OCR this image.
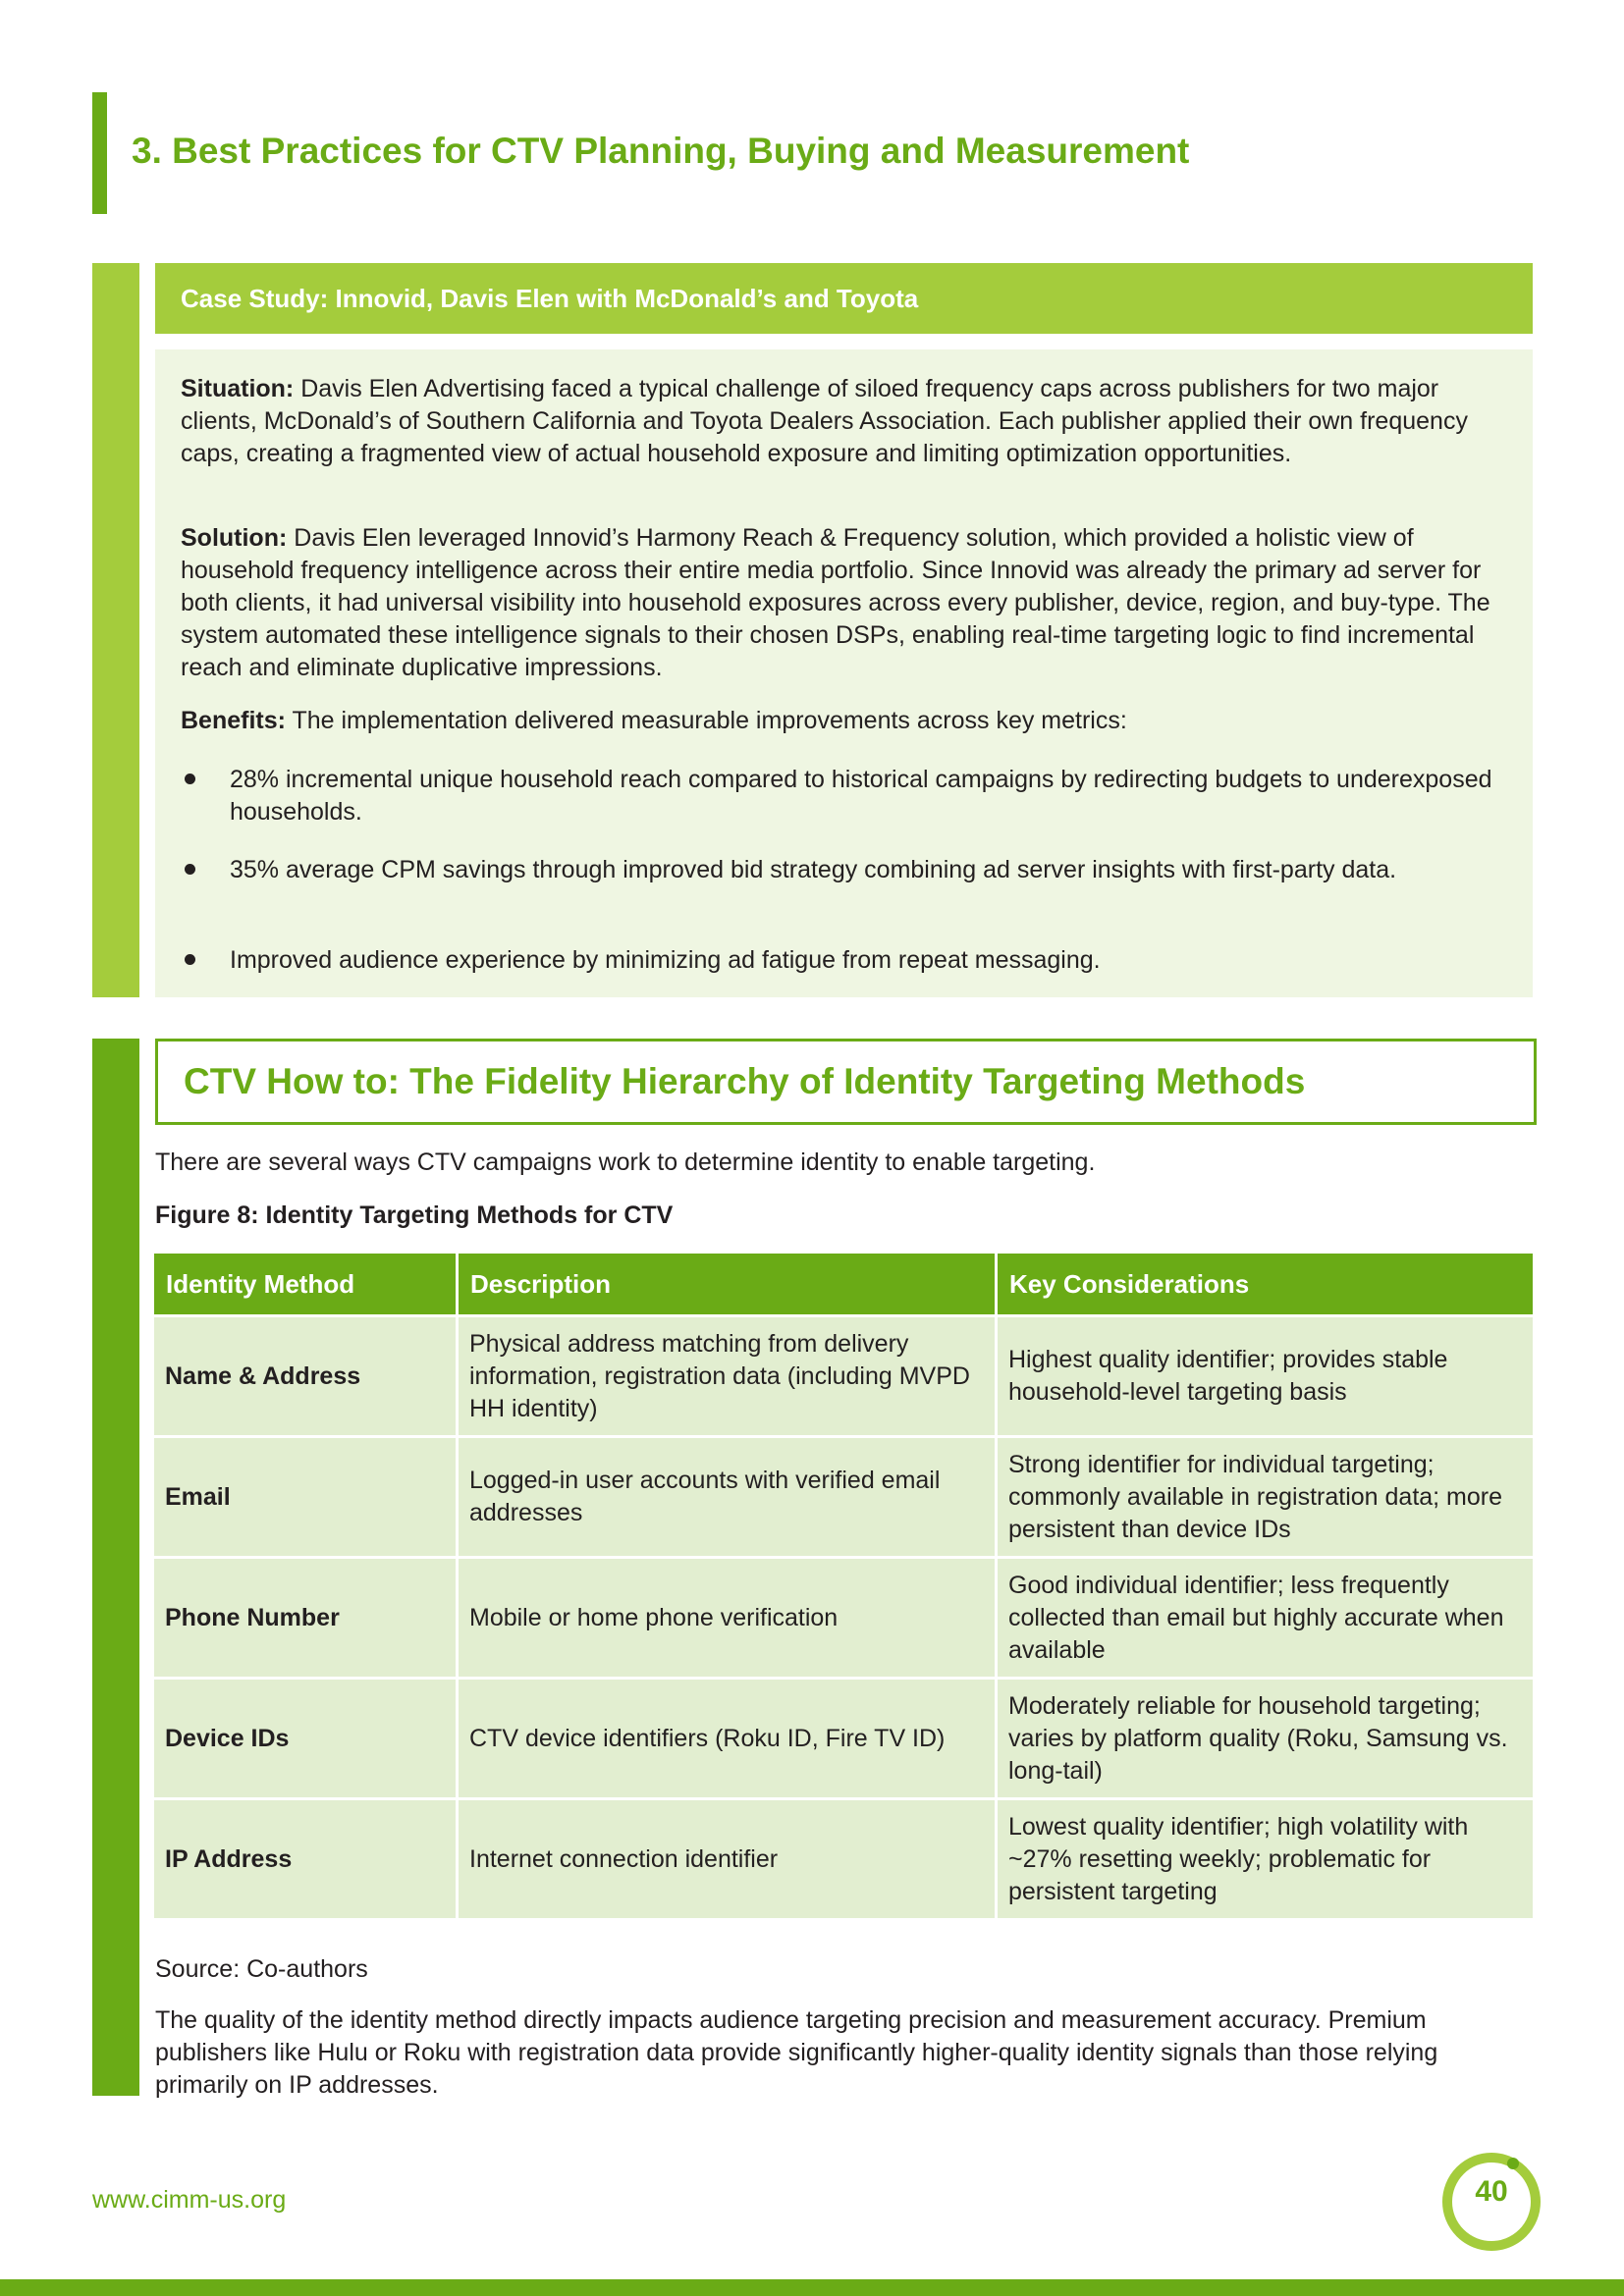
3. Best Practices for CTV Planning, Buying and Measurement
Case Study: Innovid, Davis Elen with McDonald’s and Toyota

Situation: Davis Elen Advertising faced a typical challenge of siloed frequency caps across publishers for two major clients, McDonald’s of Southern California and Toyota Dealers Association. Each publisher applied their own frequency caps, creating a fragmented view of actual household exposure and limiting optimization opportunities.

Solution: Davis Elen leveraged Innovid’s Harmony Reach & Frequency solution, which provided a holistic view of household frequency intelligence across their entire media portfolio. Since Innovid was already the primary ad server for both clients, it had universal visibility into household exposures across every publisher, device, region, and buy-type. The system automated these intelligence signals to their chosen DSPs, enabling real-time targeting logic to find incremental reach and eliminate duplicative impressions.

Benefits: The implementation delivered measurable improvements across key metrics:

28% incremental unique household reach compared to historical campaigns by redirecting budgets to underexposed households.

35% average CPM savings through improved bid strategy combining ad server insights with first-party data.

Improved audience experience by minimizing ad fatigue from repeat messaging.

CTV How to: The Fidelity Hierarchy of Identity Targeting Methods
There are several ways CTV campaigns work to determine identity to enable targeting.
Figure 8: Identity Targeting Methods for CTV
Identity Method	Description	Key Considerations
Name & Address	Physical address matching from delivery information, registration data (including MVPD HH identity)	Highest quality identifier; provides stable household-level targeting basis
Email	Logged-in user accounts with verified email addresses	Strong identifier for individual targeting; commonly available in registration data; more persistent than device IDs
Phone Number	Mobile or home phone verification	Good individual identifier; less frequently collected than email but highly accurate when available
Device IDs	CTV device identifiers (Roku ID, Fire TV ID)	Moderately reliable for household targeting; varies by platform quality (Roku, Samsung vs. long-tail)
IP Address	Internet connection identifier	Lowest quality identifier; high volatility with ~27% resetting weekly; problematic for persistent targeting
Source: Co-authors

The quality of the identity method directly impacts audience targeting precision and measurement accuracy. Premium publishers like Hulu or Roku with registration data provide significantly higher-quality identity signals than those relying primarily on IP addresses.

www.cimm-us.org	40
